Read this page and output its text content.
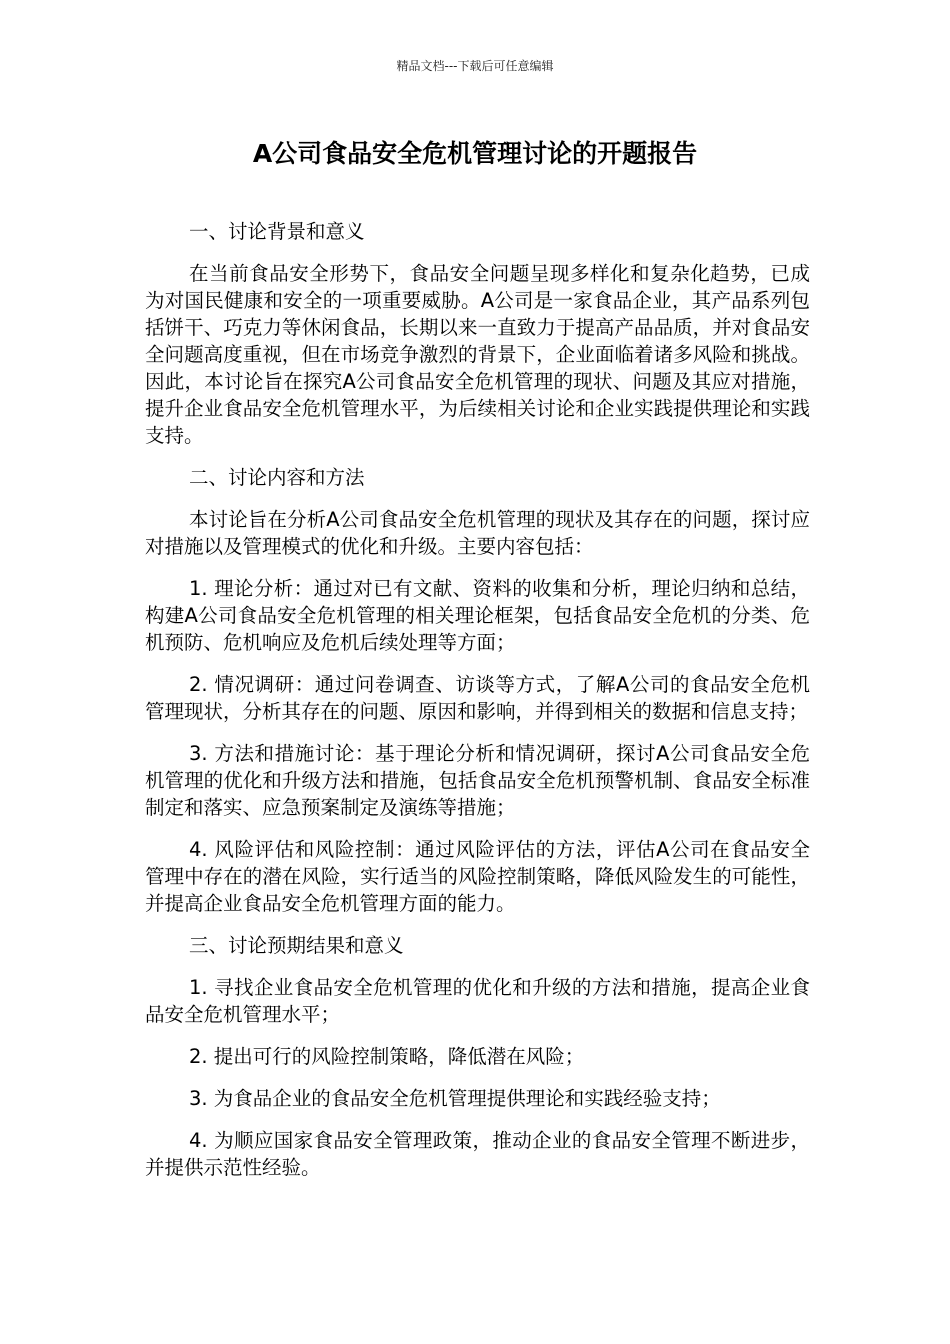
精品文档---下载后可任意编辑
A公司食品安全危机管理讨论的开题报告

一、讨论背景和意义

在当前食品安全形势下，食品安全问题呈现多样化和复杂化趋势，已成为对国民健康和安全的一项重要威胁。A公司是一家食品企业，其产品系列包括饼干、巧克力等休闲食品，长期以来一直致力于提高产品品质，并对食品安全问题高度重视，但在市场竞争激烈的背景下，企业面临着诸多风险和挑战。因此，本讨论旨在探究A公司食品安全危机管理的现状、问题及其应对措施，提升企业食品安全危机管理水平，为后续相关讨论和企业实践提供理论和实践支持。

二、讨论内容和方法

本讨论旨在分析A公司食品安全危机管理的现状及其存在的问题，探讨应对措施以及管理模式的优化和升级。主要内容包括：

1. 理论分析：通过对已有文献、资料的收集和分析，理论归纳和总结，构建A公司食品安全危机管理的相关理论框架，包括食品安全危机的分类、危机预防、危机响应及危机后续处理等方面；

2. 情况调研：通过问卷调查、访谈等方式，了解A公司的食品安全危机管理现状，分析其存在的问题、原因和影响，并得到相关的数据和信息支持；

3. 方法和措施讨论：基于理论分析和情况调研，探讨A公司食品安全危机管理的优化和升级方法和措施，包括食品安全危机预警机制、食品安全标准制定和落实、应急预案制定及演练等措施；

4. 风险评估和风险控制：通过风险评估的方法，评估A公司在食品安全管理中存在的潜在风险，实行适当的风险控制策略，降低风险发生的可能性，并提高企业食品安全危机管理方面的能力。

三、讨论预期结果和意义

1. 寻找企业食品安全危机管理的优化和升级的方法和措施，提高企业食品安全危机管理水平；

2. 提出可行的风险控制策略，降低潜在风险；

3. 为食品企业的食品安全危机管理提供理论和实践经验支持；

4. 为顺应国家食品安全管理政策，推动企业的食品安全管理不断进步，并提供示范性经验。
